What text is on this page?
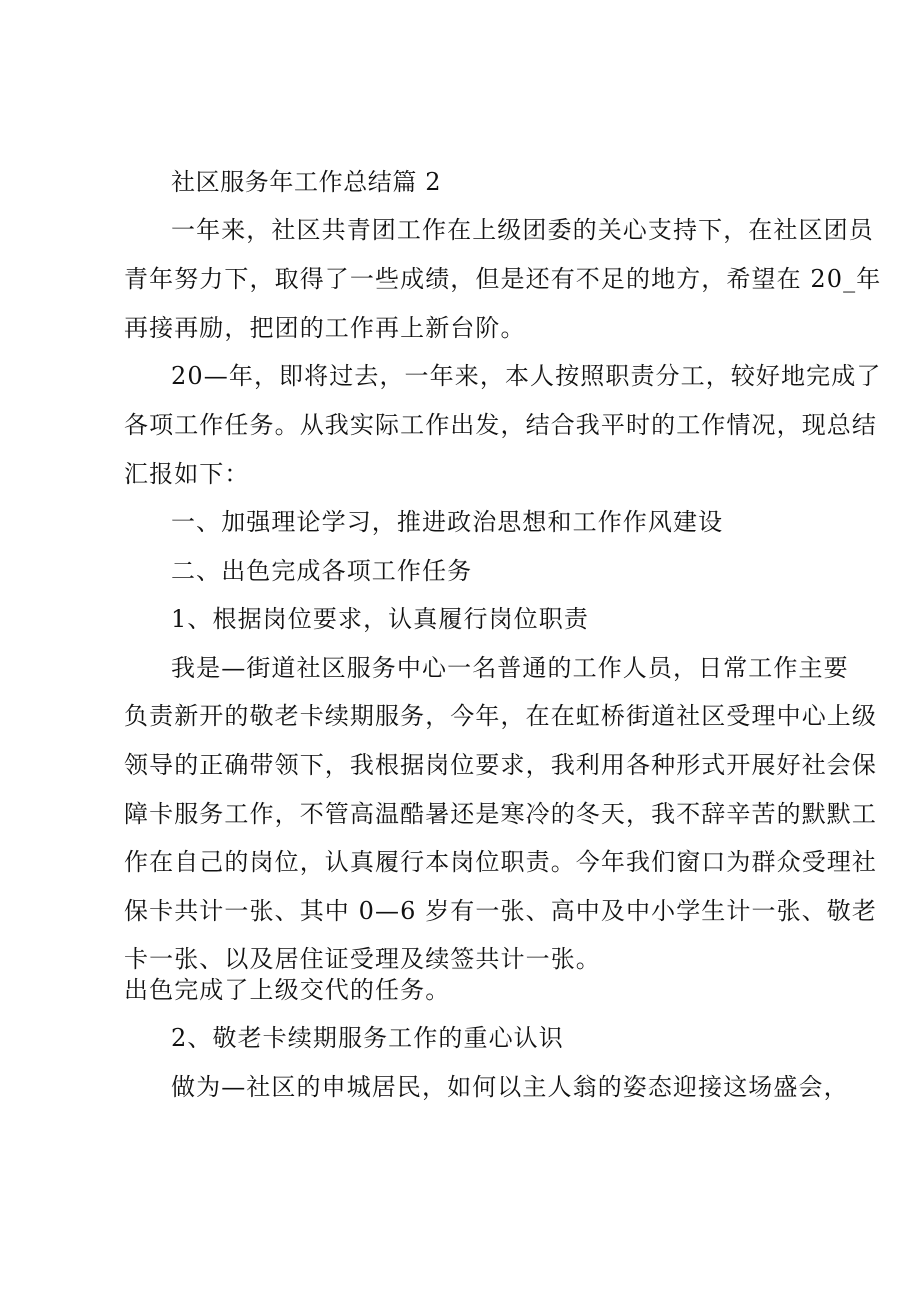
社区服务年工作总结篇 2
一年来，社区共青团工作在上级团委的关心支持下，在社区团员
青年努力下，取得了一些成绩，但是还有不足的地方，希望在 20_年
再接再励，把团的工作再上新台阶。
20—年，即将过去，一年来，本人按照职责分工，较好地完成了
各项工作任务。从我实际工作出发，结合我平时的工作情况，现总结
汇报如下：
一、加强理论学习，推进政治思想和工作作风建设
二、出色完成各项工作任务
1、根据岗位要求，认真履行岗位职责
我是—街道社区服务中心一名普通的工作人员，日常工作主要
负责新开的敬老卡续期服务，今年，在在虹桥街道社区受理中心上级
领导的正确带领下，我根据岗位要求，我利用各种形式开展好社会保
障卡服务工作，不管高温酷暑还是寒冷的冬天，我不辞辛苦的默默工
作在自己的岗位，认真履行本岗位职责。今年我们窗口为群众受理社
保卡共计一张、其中 0—6 岁有一张、高中及中小学生计一张、敬老
卡一张、以及居住证受理及续签共计一张。
出色完成了上级交代的任务。
2、敬老卡续期服务工作的重心认识
做为—社区的申城居民，如何以主人翁的姿态迎接这场盛会，
